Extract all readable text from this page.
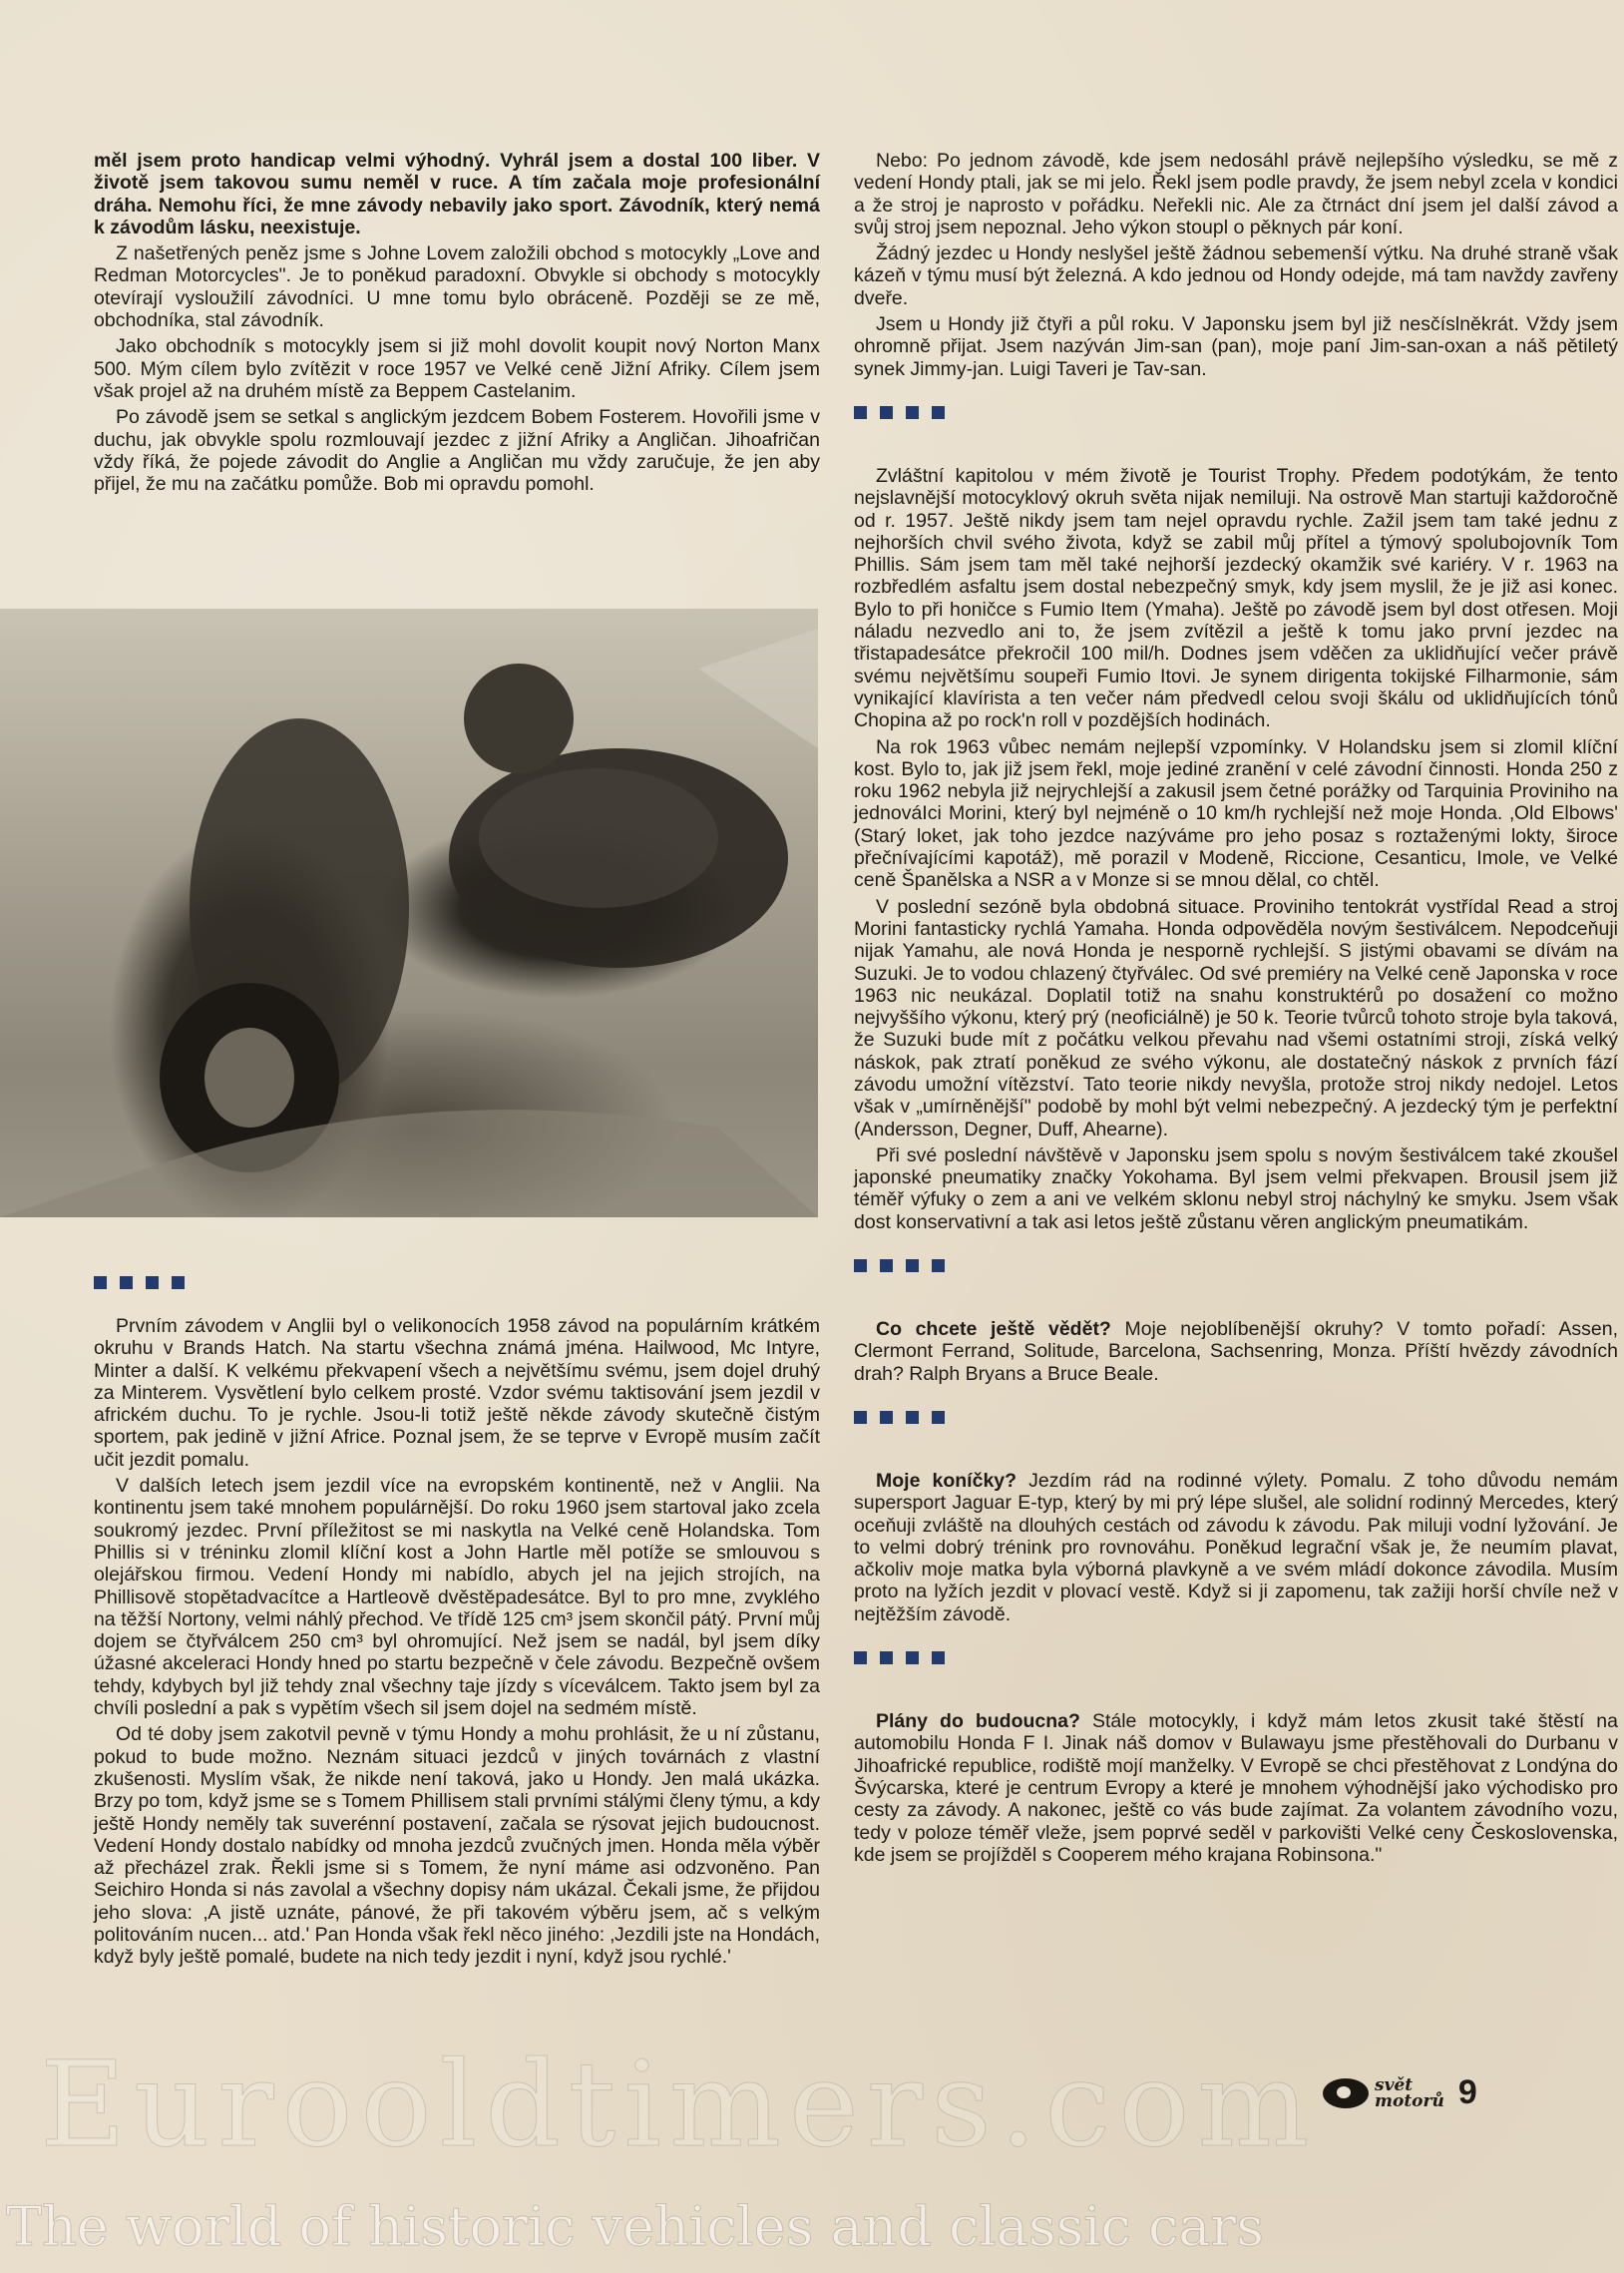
měl jsem proto handicap velmi výhodný. Vyhrál jsem a dostal 100 liber. V životě jsem takovou sumu neměl v ruce. A tím začala moje profesionální dráha. Nemohu říci, že mne závody nebavily jako sport. Závodník, který nemá k závodům lásku, neexistuje.

Z našetřených peněz jsme s Johne Lovem založili obchod s motocykly „Love and Redman Motorcycles". Je to poněkud paradoxní. Obvykle si obchody s motocykly otevírají vysloužilí závodníci. U mne tomu bylo obráceně. Později se ze mě, obchodníka, stal závodník.

Jako obchodník s motocykly jsem si již mohl dovolit koupit nový Norton Manx 500. Mým cílem bylo zvítězit v roce 1957 ve Velké ceně Jižní Afriky. Cílem jsem však projel až na druhém místě za Beppem Castelanim.

Po závodě jsem se setkal s anglickým jezdcem Bobem Fosterem. Hovořili jsme v duchu, jak obvykle spolu rozmlouvají jezdec z jižní Afriky a Angličan. Jihoafričan vždy říká, že pojede závodit do Anglie a Angličan mu vždy zaručuje, že jen aby přijel, že mu na začátku pomůže. Bob mi opravdu pomohl.

Prvním závodem v Anglii byl o velikonocích 1958 závod na populárním krátkém okruhu v Brands Hatch. Na startu všechna známá jména. Hailwood, Mc Intyre, Minter a další. K velkému překvapení všech a největšímu svému, jsem dojel druhý za Minterem. Vysvětlení bylo celkem prosté. Vzdor svému taktisování jsem jezdil v africkém duchu. To je rychle. Jsou-li totiž ještě někde závody skutečně čistým sportem, pak jedině v jižní Africe. Poznal jsem, že se teprve v Evropě musím začít učit jezdit pomalu.

V dalších letech jsem jezdil více na evropském kontinentě, než v Anglii. Na kontinentu jsem také mnohem populárnější. Do roku 1960 jsem startoval jako zcela soukromý jezdec. První příležitost se mi naskytla na Velké ceně Holandska. Tom Phillis si v tréninku zlomil klíční kost a John Hartle měl potíže se smlouvou s olejářskou firmou. Vedení Hondy mi nabídlo, abych jel na jejich strojích, na Phillisově stopětadvacítce a Hartleově dvěstěpadesátce. Byl to pro mne, zvyklého na těžší Nortony, velmi náhlý přechod. Ve třídě 125 cm³ jsem skončil pátý. První můj dojem se čtyřválcem 250 cm³ byl ohromující. Než jsem se nadál, byl jsem díky úžasné akceleraci Hondy hned po startu bezpečně v čele závodu. Bezpečně ovšem tehdy, kdybych byl již tehdy znal všechny taje jízdy s víceválcem. Takto jsem byl za chvíli poslední a pak s vypětím všech sil jsem dojel na sedmém místě.

Od té doby jsem zakotvil pevně v týmu Hondy a mohu prohlásit, že u ní zůstanu, pokud to bude možno. Neznám situaci jezdců v jiných továrnách z vlastní zkušenosti. Myslím však, že nikde není taková, jako u Hondy. Jen malá ukázka. Brzy po tom, když jsme se s Tomem Phillisem stali prvními stálými členy týmu, a kdy ještě Hondy neměly tak suverénní postavení, začala se rýsovat jejich budoucnost. Vedení Hondy dostalo nabídky od mnoha jezdců zvučných jmen. Honda měla výběr až přecházel zrak. Řekli jsme si s Tomem, že nyní máme asi odzvoněno. Pan Seichiro Honda si nás zavolal a všechny dopisy nám ukázal. Čekali jsme, že přijdou jeho slova: ‚A jistě uznáte, pánové, že při takovém výběru jsem, ač s velkým politováním nucen... atd.' Pan Honda však řekl něco jiného: ‚Jezdili jste na Hondách, když byly ještě pomalé, budete na nich tedy jezdit i nyní, když jsou rychlé.'

Nebo: Po jednom závodě, kde jsem nedosáhl právě nejlepšího výsledku, se mě z vedení Hondy ptali, jak se mi jelo. Řekl jsem podle pravdy, že jsem nebyl zcela v kondici a že stroj je naprosto v pořádku. Neřekli nic. Ale za čtrnáct dní jsem jel další závod a svůj stroj jsem nepoznal. Jeho výkon stoupl o pěknych pár koní.

Žádný jezdec u Hondy neslyšel ještě žádnou sebemenší výtku. Na druhé straně však kázeň v týmu musí být železná. A kdo jednou od Hondy odejde, má tam navždy zavřeny dveře.

Jsem u Hondy již čtyři a půl roku. V Japonsku jsem byl již nesčíslněkrát. Vždy jsem ohromně přijat. Jsem nazýván Jim-san (pan), moje paní Jim-san-oxan a náš pětiletý synek Jimmy-jan. Luigi Taveri je Tav-san.

Zvláštní kapitolou v mém životě je Tourist Trophy. Předem podotýkám, že tento nejslavnější motocyklový okruh světa nijak nemiluji. Na ostrově Man startuji každoročně od r. 1957. Ještě nikdy jsem tam nejel opravdu rychle. Zažil jsem tam také jednu z nejhorších chvil svého života, když se zabil můj přítel a týmový spolubojovník Tom Phillis. Sám jsem tam měl také nejhorší jezdecký okamžik své kariéry. V r. 1963 na rozbředlém asfaltu jsem dostal nebezpečný smyk, kdy jsem myslil, že je již asi konec. Bylo to při honičce s Fumio Item (Ymaha). Ještě po závodě jsem byl dost otřesen. Moji náladu nezvedlo ani to, že jsem zvítězil a ještě k tomu jako první jezdec na třistapadesátce překročil 100 mil/h. Dodnes jsem vděčen za uklidňující večer právě svému největšímu soupeři Fumio Itovi. Je synem dirigenta tokijské Filharmonie, sám vynikající klavírista a ten večer nám předvedl celou svoji škálu od uklidňujících tónů Chopina až po rock'n roll v pozdějších hodinách.

Na rok 1963 vůbec nemám nejlepší vzpomínky. V Holandsku jsem si zlomil klíční kost. Bylo to, jak již jsem řekl, moje jediné zranění v celé závodní činnosti. Honda 250 z roku 1962 nebyla již nejrychlejší a zakusil jsem četné porážky od Tarquinia Proviniho na jednováIci Morini, který byl nejméně o 10 km/h rychlejší než moje Honda. ‚Old Elbows' (Starý loket, jak toho jezdce nazýváme pro jeho posaz s roztaženými lokty, široce přečnívajícími kapotáž), mě porazil v Modeně, Riccione, Cesanticu, Imole, ve Velké ceně Španělska a NSR a v Monze si se mnou dělal, co chtěl.

V poslední sezóně byla obdobná situace. Proviniho tentokrát vystřídal Read a stroj Morini fantasticky rychlá Yamaha. Honda odpověděla novým šestiválcem. Nepodceňuji nijak Yamahu, ale nová Honda je nesporně rychlejší. S jistými obavami se dívám na Suzuki. Je to vodou chlazený čtyřválec. Od své premiéry na Velké ceně Japonska v roce 1963 nic neukázal. Doplatil totiž na snahu konstruktérů po dosažení co možno nejvyššího výkonu, který prý (neoficiálně) je 50 k. Teorie tvůrců tohoto stroje byla taková, že Suzuki bude mít z počátku velkou převahu nad všemi ostatními stroji, získá velký náskok, pak ztratí poněkud ze svého výkonu, ale dostatečný náskok z prvních fází závodu umožní vítězství. Tato teorie nikdy nevyšla, protože stroj nikdy nedojel. Letos však v „umírněnější" podobě by mohl být velmi nebezpečný. A jezdecký tým je perfektní (Andersson, Degner, Duff, Ahearne).

Při své poslední návštěvě v Japonsku jsem spolu s novým šestiválcem také zkoušel japonské pneumatiky značky Yokohama. Byl jsem velmi překvapen. Brousil jsem již téměř výfuky o zem a ani ve velkém sklonu nebyl stroj náchylný ke smyku. Jsem však dost konservativní a tak asi letos ještě zůstanu věren anglickým pneumatikám.

Co chcete ještě vědět? Moje nejoblíbenější okruhy? V tomto pořadí: Assen, Clermont Ferrand, Solitude, Barcelona, Sachsenring, Monza. Příští hvězdy závodních drah? Ralph Bryans a Bruce Beale.

Moje koníčky? Jezdím rád na rodinné výlety. Pomalu. Z toho důvodu nemám supersport Jaguar E-typ, který by mi prý lépe slušel, ale solidní rodinný Mercedes, který oceňuji zvláště na dlouhých cestách od závodu k závodu. Pak miluji vodní lyžování. Je to velmi dobrý trénink pro rovnováhu. Poněkud legrační však je, že neumím plavat, ačkoliv moje matka byla výborná plavkyně a ve svém mládí dokonce závodila. Musím proto na lyžích jezdit v plovací vestě. Když si ji zapomenu, tak zažiji horší chvíle než v nejtěžším závodě.

Plány do budoucna? Stále motocykly, i když mám letos zkusit také štěstí na automobilu Honda F I. Jinak náš domov v Bulawayu jsme přestěhovali do Durbanu v Jihoafrické republice, rodiště mojí manželky. V Evropě se chci přestěhovat z Londýna do Švýcarska, které je centrum Evropy a které je mnohem výhodnější jako východisko pro cesty za závody. A nakonec, ještě co vás bude zajímat. Za volantem závodního vozu, tedy v poloze téměř vleže, jsem poprvé seděl v parkovišti Velké ceny Československa, kde jsem se projížděl s Cooperem mého krajana Robinsona."

Eurooldtimers.com	svět
motorů 9
The world of historic vehicles and classic cars
